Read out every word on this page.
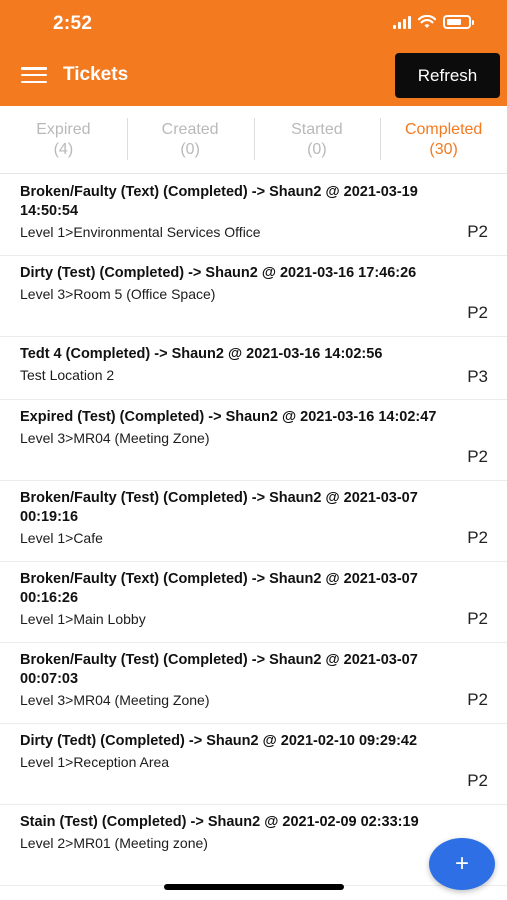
2:52
Tickets	Refresh
Expired
(4)
Created
(0)
Started
(0)
Completed
(30)
Broken/Faulty (Text) (Completed) -> Shaun2 @ 2021-03-19 14:50:54
Level 1>Environmental Services Office	P2
Dirty (Test) (Completed) -> Shaun2 @ 2021-03-16 17:46:26
Level 3>Room 5 (Office Space)
P2
Tedt 4 (Completed) -> Shaun2 @ 2021-03-16 14:02:56
Test Location 2	P3
Expired (Test) (Completed) -> Shaun2 @ 2021-03-16 14:02:47
Level 3>MR04 (Meeting Zone)
P2
Broken/Faulty (Test) (Completed) -> Shaun2 @ 2021-03-07 00:19:16
Level 1>Cafe	P2
Broken/Faulty (Text) (Completed) -> Shaun2 @ 2021-03-07 00:16:26
Level 1>Main Lobby	P2
Broken/Faulty (Test) (Completed) -> Shaun2 @ 2021-03-07 00:07:03
Level 3>MR04 (Meeting Zone)	P2
Dirty (Tedt) (Completed) -> Shaun2 @ 2021-02-10 09:29:42
Level 1>Reception Area
P2
Stain (Test) (Completed) -> Shaun2 @ 2021-02-09 02:33:19
Level 2>MR01 (Meeting zone)
+
